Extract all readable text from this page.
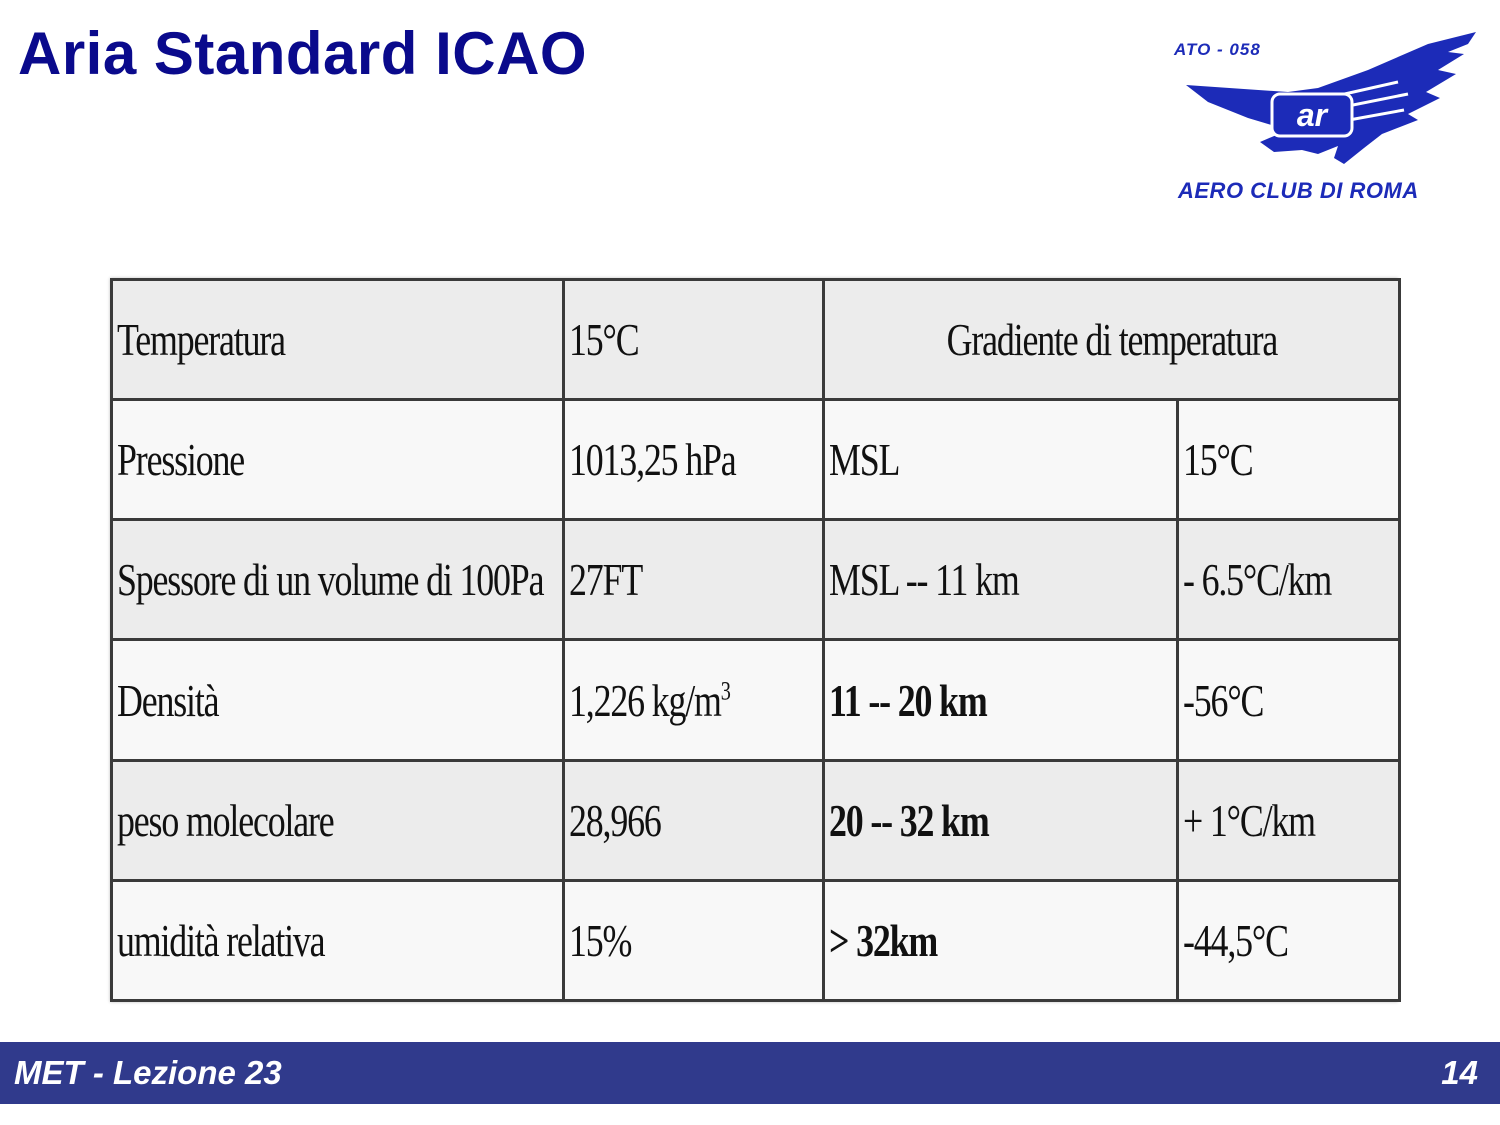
Aria Standard ICAO
ar
ATO - 058
AERO CLUB DI ROMA
Temperatura	15°C	Gradiente di temperatura	
Pressione	1013,25 hPa	MSL	15°C
Spessore di un volume di 100Pa	27FT	MSL -- 11 km	- 6.5°C/km
Densità	1,226 $kg/m^3$	11 -- 20 km	-56°C
peso molecolare	28,966	20 -- 32 km	+ 1°C/km
umidità relativa	15%	> 32km	-44,5°C
MET - Lezione 23	14
